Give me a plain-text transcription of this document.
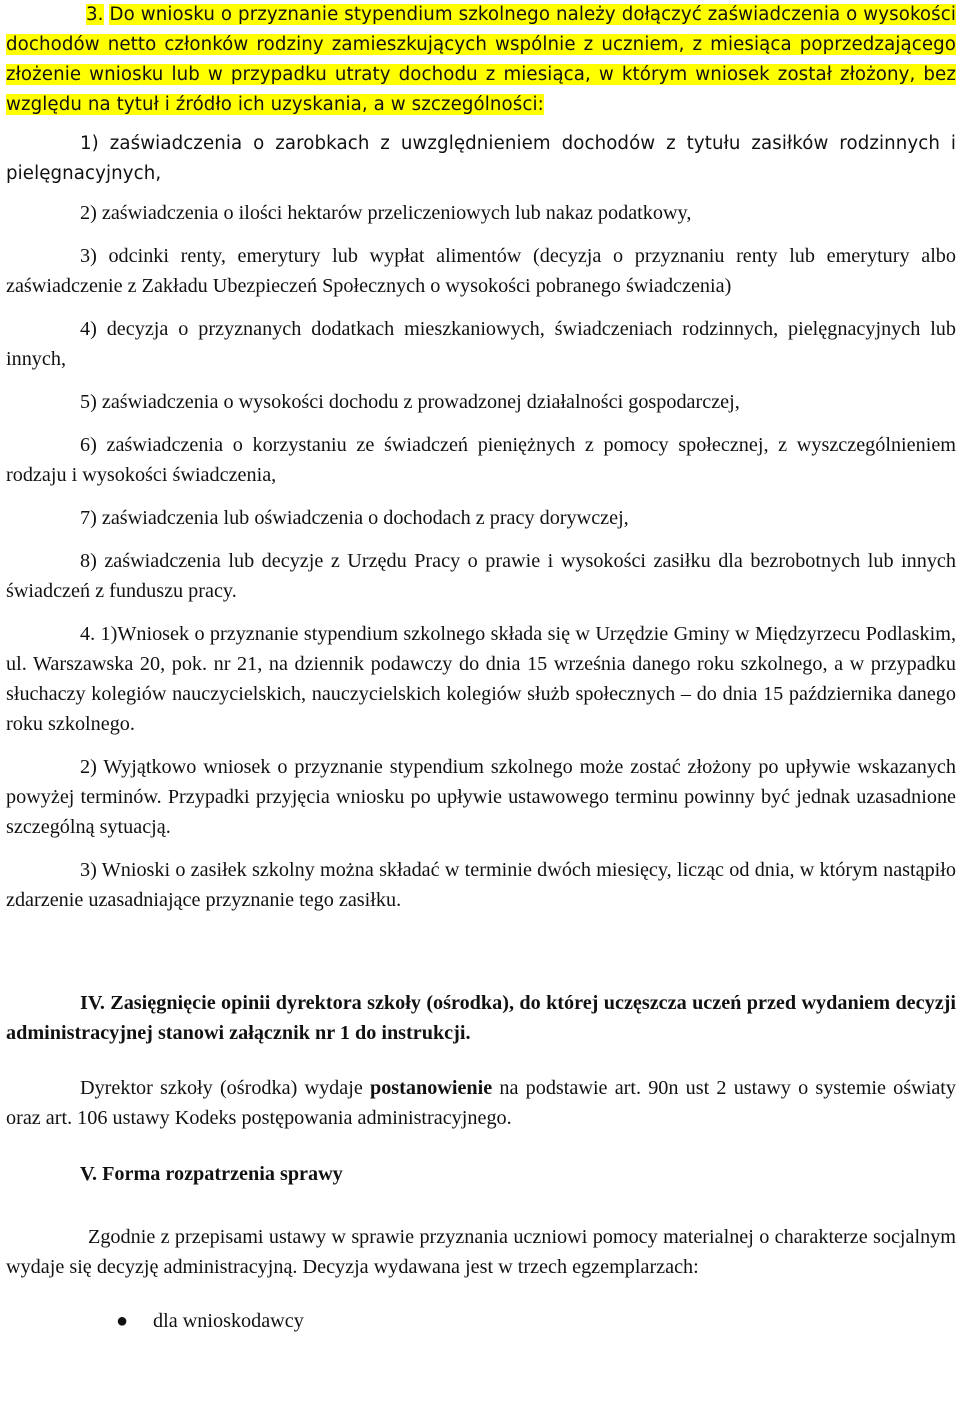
3. Do wniosku o przyznanie stypendium szkolnego należy dołączyć zaświadczenia o wysokości dochodów netto członków rodziny zamieszkujących wspólnie z uczniem, z miesiąca poprzedzającego złożenie wniosku lub w przypadku utraty dochodu z miesiąca, w którym wniosek został złożony, bez względu na tytuł i źródło ich uzyskania, a w szczególności:

1) zaświadczenia o zarobkach z uwzględnieniem dochodów z tytułu zasiłków rodzinnych i pielęgnacyjnych,

2) zaświadczenia o ilości hektarów przeliczeniowych lub nakaz podatkowy,

3) odcinki renty, emerytury lub wypłat alimentów (decyzja o przyznaniu renty lub emerytury albo zaświadczenie z Zakładu Ubezpieczeń Społecznych o wysokości pobranego świadczenia)

4) decyzja o przyznanych dodatkach mieszkaniowych, świadczeniach rodzinnych, pielęgnacyjnych lub innych,

5) zaświadczenia o wysokości dochodu z prowadzonej działalności gospodarczej,

6) zaświadczenia o korzystaniu ze świadczeń pieniężnych z pomocy społecznej, z wyszczególnieniem rodzaju i wysokości świadczenia,

7) zaświadczenia lub oświadczenia o dochodach z pracy dorywczej,

8) zaświadczenia lub decyzje z Urzędu Pracy o prawie i wysokości zasiłku dla bezrobotnych lub innych świadczeń z funduszu pracy.

4. 1)Wniosek o przyznanie stypendium szkolnego składa się w Urzędzie Gminy w Międzyrzecu Podlaskim, ul. Warszawska 20, pok. nr 21, na dziennik podawczy do dnia 15 września danego roku szkolnego, a w przypadku słuchaczy kolegiów nauczycielskich, nauczycielskich kolegiów służb społecznych – do dnia 15 października danego roku szkolnego.

2) Wyjątkowo wniosek o przyznanie stypendium szkolnego może zostać złożony po upływie wskazanych powyżej terminów. Przypadki przyjęcia wniosku po upływie ustawowego terminu powinny być jednak uzasadnione szczególną sytuacją.

3) Wnioski o zasiłek szkolny można składać w terminie dwóch miesięcy, licząc od dnia, w którym nastąpiło zdarzenie uzasadniające przyznanie tego zasiłku.

IV. Zasięgnięcie opinii dyrektora szkoły (ośrodka), do której uczęszcza uczeń przed wydaniem decyzji administracyjnej stanowi załącznik nr 1 do instrukcji.

Dyrektor szkoły (ośrodka) wydaje postanowienie na podstawie art. 90n ust 2 ustawy o systemie oświaty oraz art. 106 ustawy Kodeks postępowania administracyjnego.

V. Forma rozpatrzenia sprawy

Zgodnie z przepisami ustawy w sprawie przyznania uczniowi pomocy materialnej o charakterze socjalnym wydaje się decyzję administracyjną. Decyzja wydawana jest w trzech egzemplarzach:

● dla wnioskodawcy
